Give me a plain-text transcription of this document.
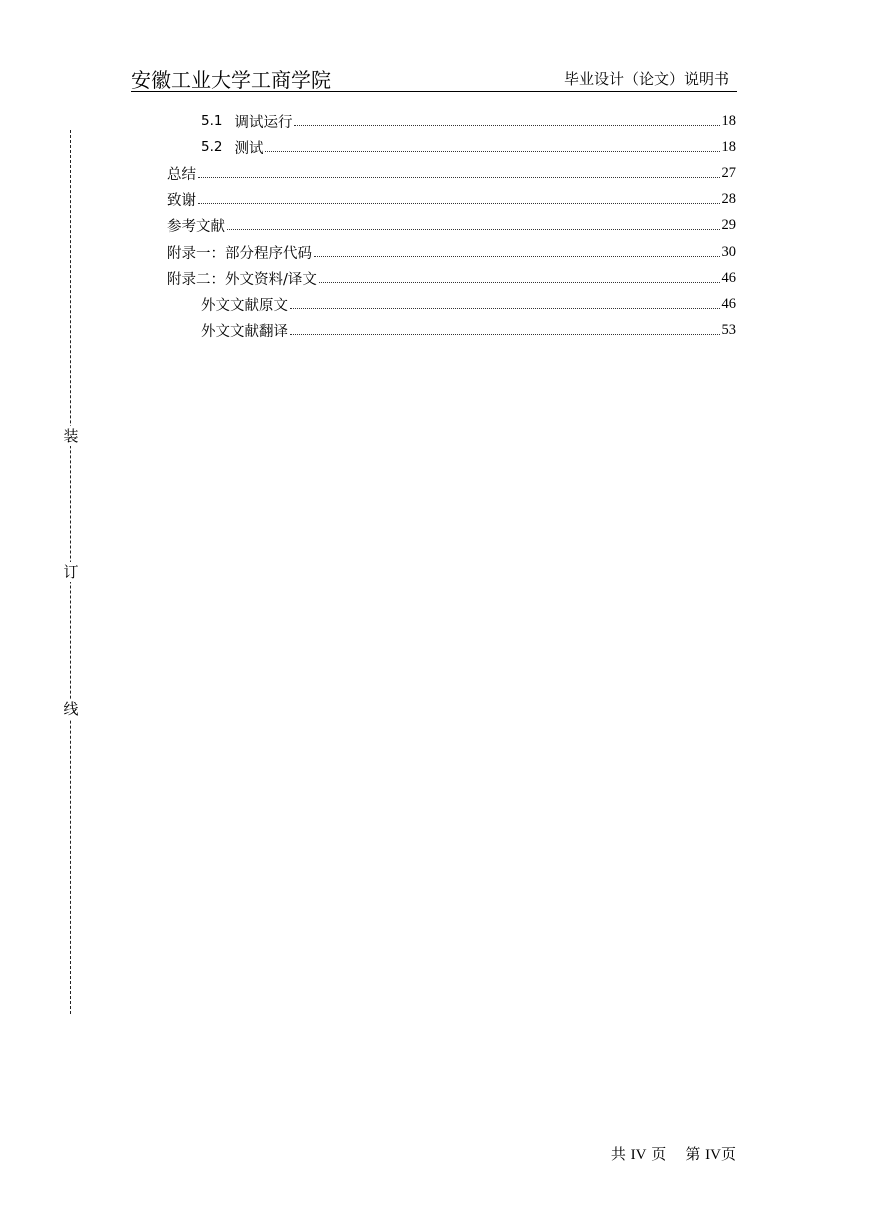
安徽工业大学工商学院	毕业设计（论文）说明书
装
订
线
5.1 调试运行	18
5.2 测试	18
总结	27
致谢	28
参考文献	29
附录一：部分程序代码	30
附录二：外文资料/译文	46
外文文献原文	46
外文文献翻译	53
共 IV 页 第 IV页
